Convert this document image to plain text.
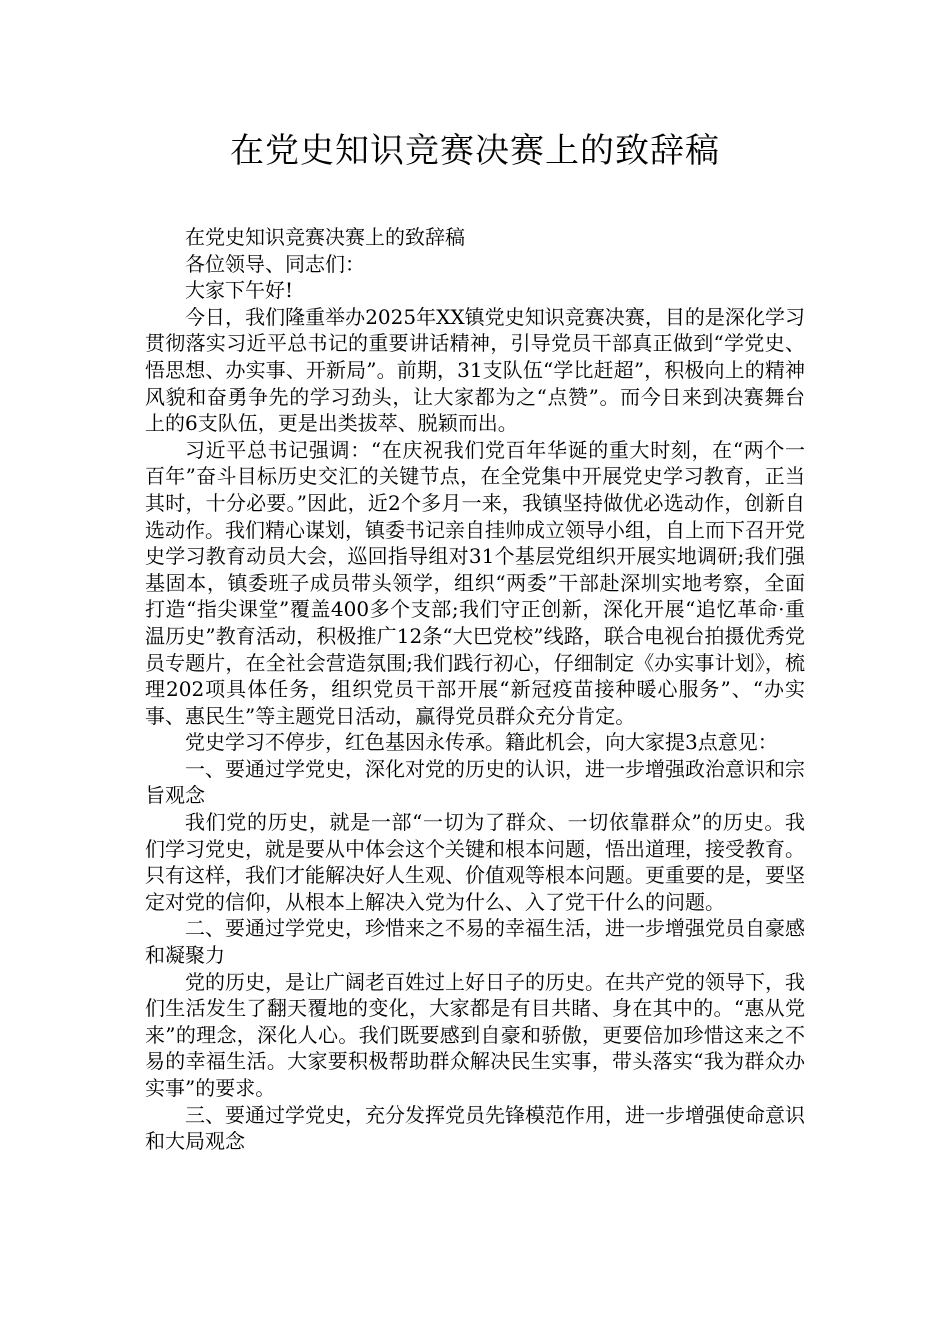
在党史知识竞赛决赛上的致辞稿

在党史知识竞赛决赛上的致辞稿

各位领导、同志们：

大家下午好!

今日，我们隆重举办2025年XX镇党史知识竞赛决赛，目的是深化学习贯彻落实习近平总书记的重要讲话精神，引导党员干部真正做到“学党史、悟思想、办实事、开新局”。前期，31支队伍“学比赶超”，积极向上的精神风貌和奋勇争先的学习劲头，让大家都为之“点赞”。而今日来到决赛舞台上的6支队伍，更是出类拔萃、脱颖而出。

习近平总书记强调：“在庆祝我们党百年华诞的重大时刻，在“两个一百年”奋斗目标历史交汇的关键节点，在全党集中开展党史学习教育，正当其时，十分必要。”因此，近2个多月一来，我镇坚持做优必选动作，创新自选动作。我们精心谋划，镇委书记亲自挂帅成立领导小组，自上而下召开党史学习教育动员大会，巡回指导组对31个基层党组织开展实地调研;我们强基固本，镇委班子成员带头领学，组织“两委”干部赴深圳实地考察，全面打造“指尖课堂”覆盖400多个支部;我们守正创新，深化开展“追忆革命·重温历史”教育活动，积极推广12条“大巴党校”线路，联合电视台拍摄优秀党员专题片，在全社会营造氛围;我们践行初心，仔细制定《办实事计划》，梳理202项具体任务，组织党员干部开展“新冠疫苗接种暖心服务”、“办实事、惠民生”等主题党日活动，赢得党员群众充分肯定。

党史学习不停步，红色基因永传承。籍此机会，向大家提3点意见：

一、要通过学党史，深化对党的历史的认识，进一步增强政治意识和宗旨观念

我们党的历史，就是一部“一切为了群众、一切依靠群众”的历史。我们学习党史，就是要从中体会这个关键和根本问题，悟出道理，接受教育。只有这样，我们才能解决好人生观、价值观等根本问题。更重要的是，要坚定对党的信仰，从根本上解决入党为什么、入了党干什么的问题。

二、要通过学党史，珍惜来之不易的幸福生活，进一步增强党员自豪感和凝聚力

党的历史，是让广阔老百姓过上好日子的历史。在共产党的领导下，我们生活发生了翻天覆地的变化，大家都是有目共睹、身在其中的。“惠从党来”的理念，深化人心。我们既要感到自豪和骄傲，更要倍加珍惜这来之不易的幸福生活。大家要积极帮助群众解决民生实事，带头落实“我为群众办实事”的要求。

三、要通过学党史，充分发挥党员先锋模范作用，进一步增强使命意识和大局观念
